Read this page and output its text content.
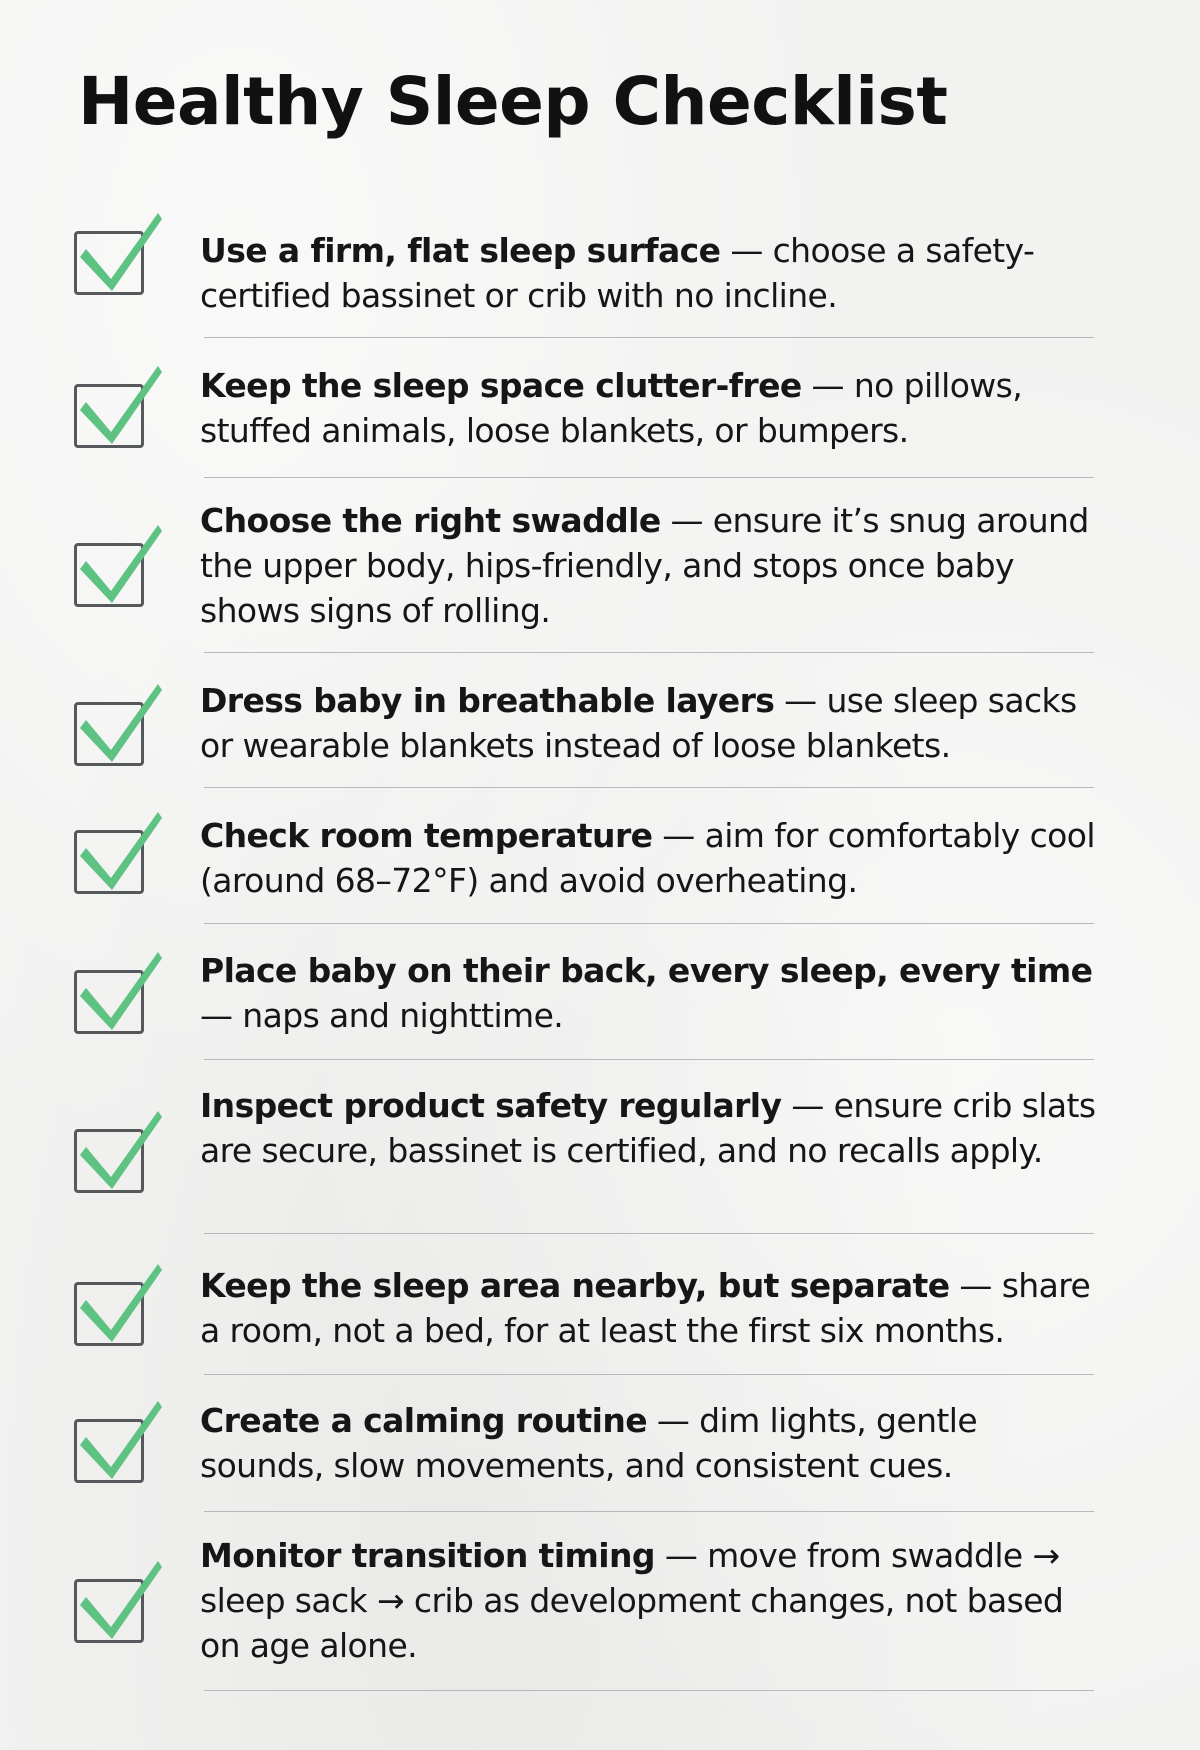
Healthy Sleep Checklist

Use a firm, flat sleep surface — choose a safety-certified bassinet or crib with no incline.

Keep the sleep space clutter-free — no pillows, stuffed animals, loose blankets, or bumpers.

Choose the right swaddle — ensure it’s snug around the upper body, hips-friendly, and stops once baby shows signs of rolling.

Dress baby in breathable layers — use sleep sacks or wearable blankets instead of loose blankets.

Check room temperature — aim for comfortably cool (around 68–72°F) and avoid overheating.

Place baby on their back, every sleep, every time — naps and nighttime.

Inspect product safety regularly — ensure crib slats are secure, bassinet is certified, and no recalls apply.

Keep the sleep area nearby, but separate — share a room, not a bed, for at least the first six months.

Create a calming routine — dim lights, gentle sounds, slow movements, and consistent cues.

Monitor transition timing — move from swaddle → sleep sack → crib as development changes, not based on age alone.
